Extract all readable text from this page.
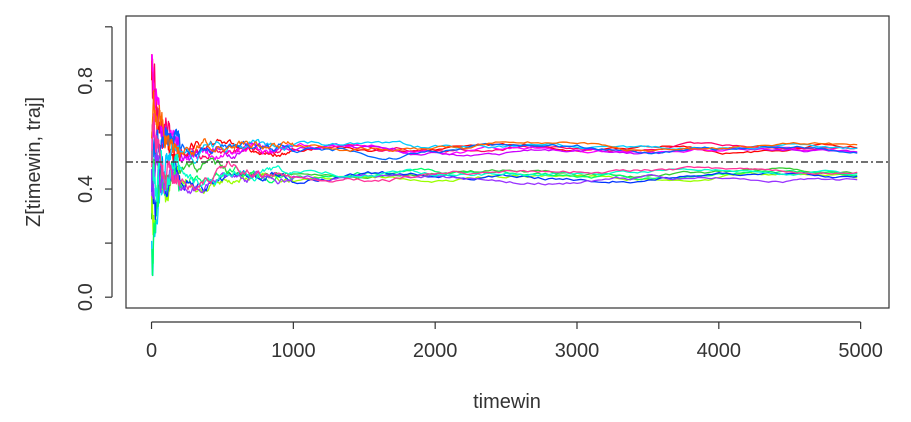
0	1000	2000	3000	4000	5000
0.0
0.4
0.8
timewin
Z[timewin, traj]
